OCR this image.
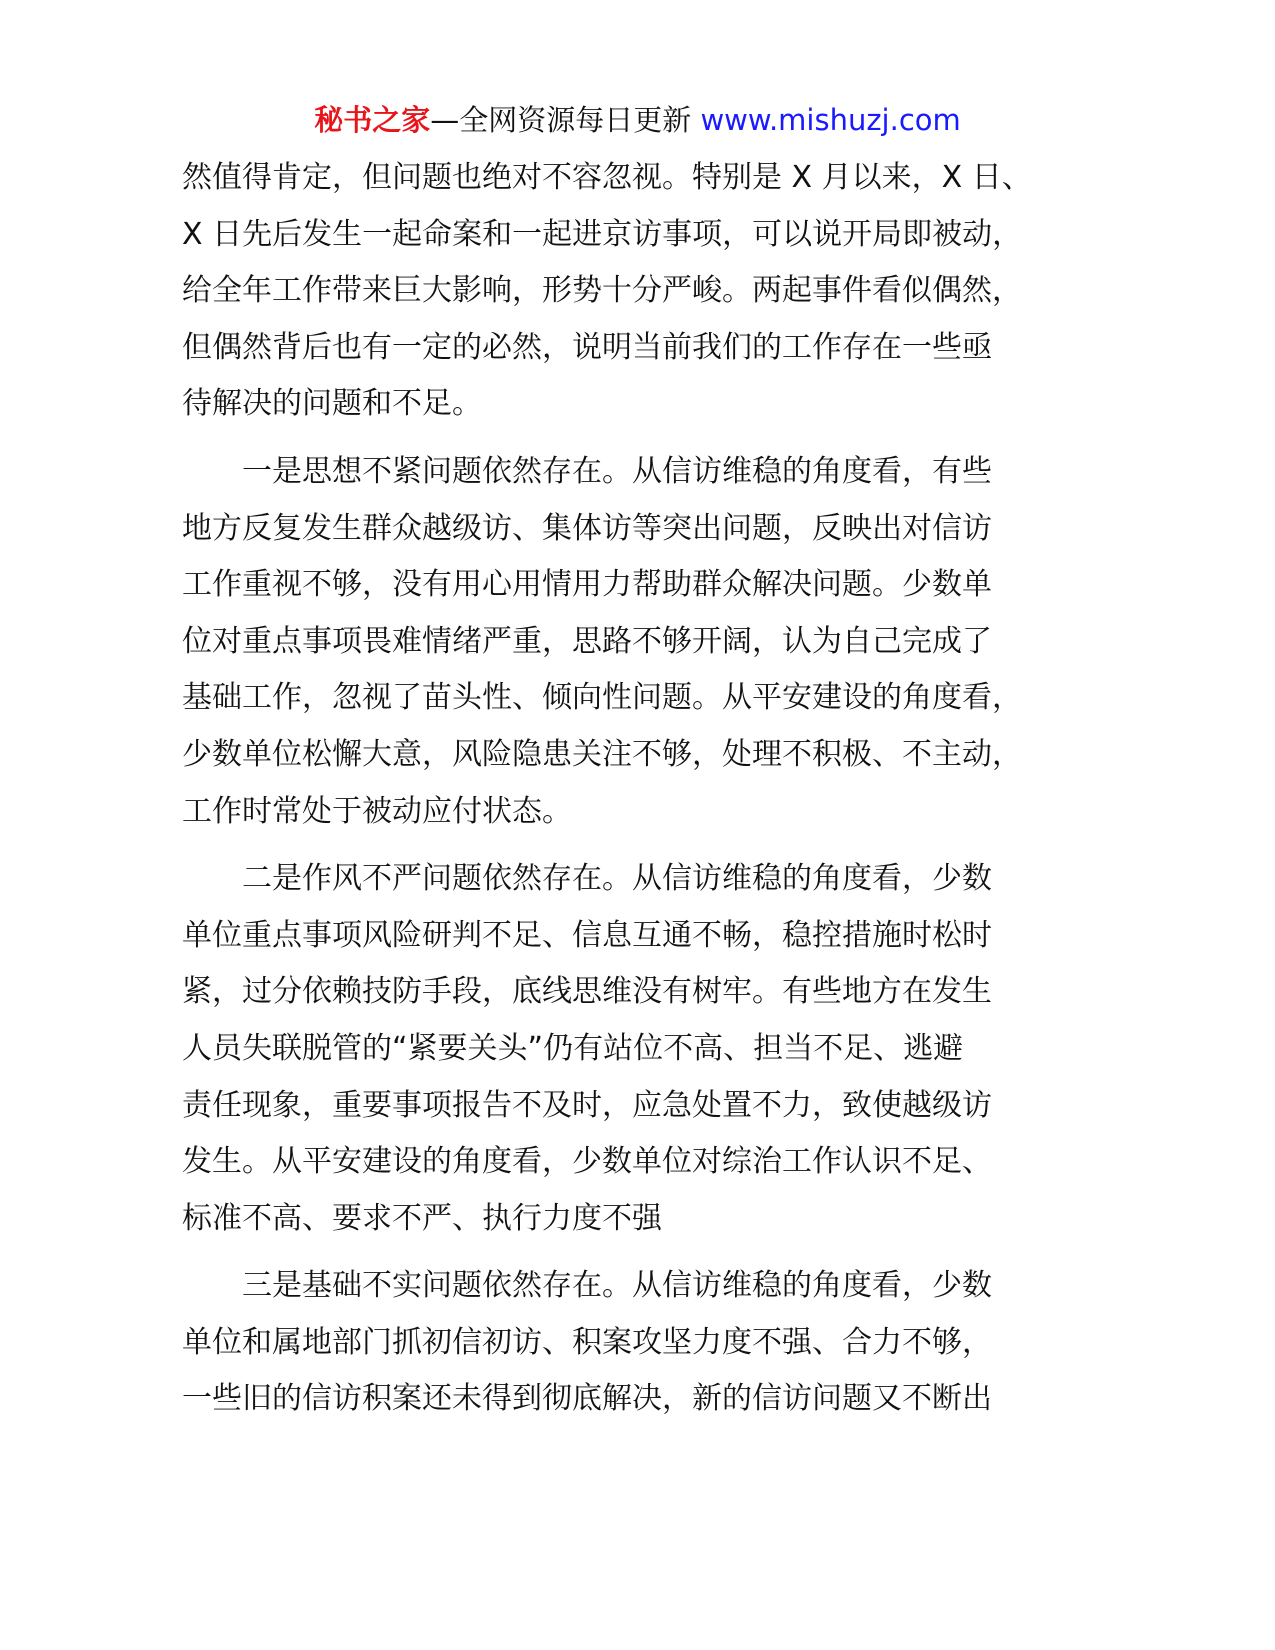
秘书之家—全网资源每日更新 www.mishuzj.com
然值得肯定，但问题也绝对不容忽视。特别是 X 月以来，X 日、
X 日先后发生一起命案和一起进京访事项，可以说开局即被动，
给全年工作带来巨大影响，形势十分严峻。两起事件看似偶然，
但偶然背后也有一定的必然，说明当前我们的工作存在一些亟
待解决的问题和不足。
一是思想不紧问题依然存在。从信访维稳的角度看，有些
地方反复发生群众越级访、集体访等突出问题，反映出对信访
工作重视不够，没有用心用情用力帮助群众解决问题。少数单
位对重点事项畏难情绪严重，思路不够开阔，认为自己完成了
基础工作，忽视了苗头性、倾向性问题。从平安建设的角度看，
少数单位松懈大意，风险隐患关注不够，处理不积极、不主动，
工作时常处于被动应付状态。
二是作风不严问题依然存在。从信访维稳的角度看，少数
单位重点事项风险研判不足、信息互通不畅，稳控措施时松时
紧，过分依赖技防手段，底线思维没有树牢。有些地方在发生
人员失联脱管的“紧要关头”仍有站位不高、担当不足、逃避
责任现象，重要事项报告不及时，应急处置不力，致使越级访
发生。从平安建设的角度看，少数单位对综治工作认识不足、
标准不高、要求不严、执行力度不强
三是基础不实问题依然存在。从信访维稳的角度看，少数
单位和属地部门抓初信初访、积案攻坚力度不强、合力不够，
一些旧的信访积案还未得到彻底解决，新的信访问题又不断出
